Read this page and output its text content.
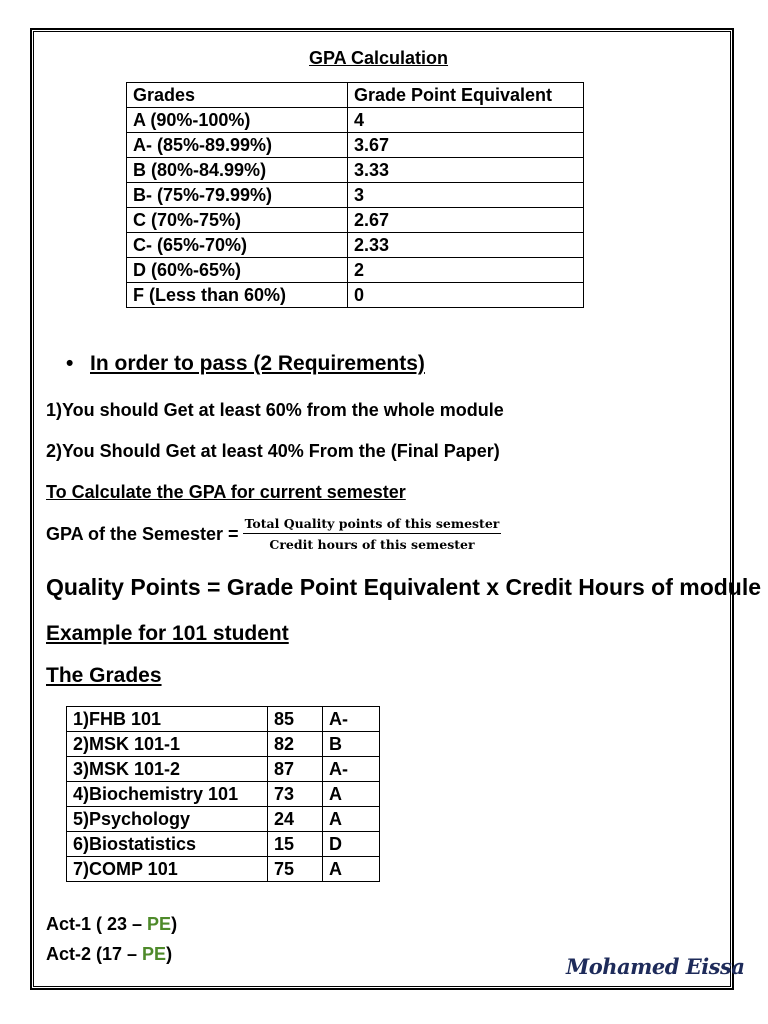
GPA Calculation
Grades	Grade Point Equivalent
A (90%-100%)	4
A- (85%-89.99%)	3.67
B (80%-84.99%)	3.33
B- (75%-79.99%)	3
C (70%-75%)	2.67
C- (65%-70%)	2.33
D (60%-65%)	2
F (Less than 60%)	0
• In order to pass (2 Requirements)
1)You should Get at least 60% from the whole module
2)You Should Get at least 40% From the (Final Paper)
To Calculate the GPA for current semester
GPA of the Semester = $\frac{\text{Total Quality points of this semester}}{\text{Credit hours of this semester}}$
Quality Points = Grade Point Equivalent x Credit Hours of module
Example for 101 student
The Grades
1)FHB 101	85	A-
2)MSK 101-1	82	B
3)MSK 101-2	87	A-
4)Biochemistry 101	73	A
5)Psychology	24	A
6)Biostatistics	15	D
7)COMP 101	75	A
Act-1 ( 23 – PE)
Act-2 (17 – PE)	Mohamed Eissa
